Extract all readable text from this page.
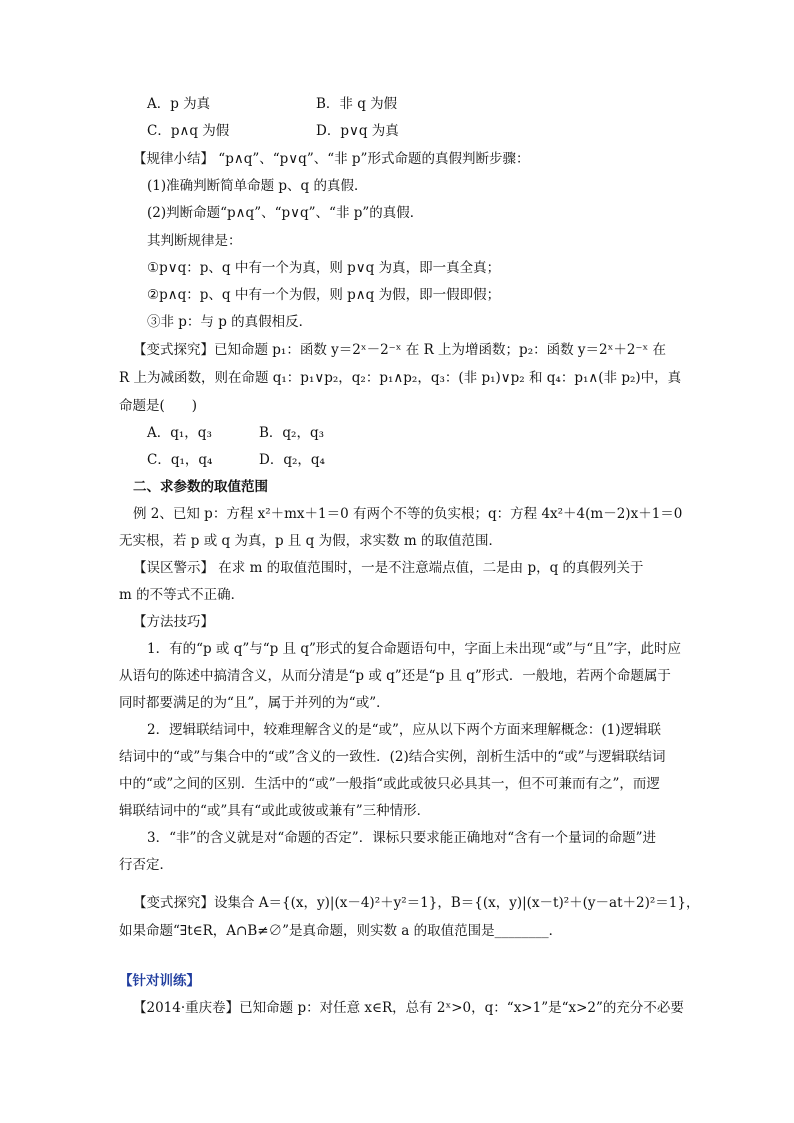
A．p 为真	B．非 q 为假
C．p∧q 为假	D．p∨q 为真
【规律小结】 “p∧q”、“p∨q”、“非 p”形式命题的真假判断步骤：
(1)准确判断简单命题 p、q 的真假．
(2)判断命题“p∧q”、“p∨q”、“非 p”的真假．
其判断规律是：
①p∨q：p、q 中有一个为真，则 p∨q 为真，即一真全真；
②p∧q：p、q 中有一个为假，则 p∧q 为假，即一假即假；
③非 p：与 p 的真假相反．
【变式探究】已知命题 p₁：函数 y＝2ˣ－2⁻ˣ 在 R 上为增函数；p₂：函数 y＝2ˣ＋2⁻ˣ 在
R 上为减函数，则在命题 q₁：p₁∨p₂，q₂：p₁∧p₂，q₃：(非 p₁)∨p₂ 和 q₄：p₁∧(非 p₂)中，真
命题是(　　)
A．q₁，q₃	B．q₂，q₃
C．q₁，q₄	D．q₂，q₄
二、求参数的取值范围
例 2、已知 p：方程 x²＋mx＋1＝0 有两个不等的负实根；q：方程 4x²＋4(m－2)x＋1＝0
无实根，若 p 或 q 为真，p 且 q 为假，求实数 m 的取值范围．
【误区警示】 在求 m 的取值范围时，一是不注意端点值，二是由 p，q 的真假列关于
m 的不等式不正确．
【方法技巧】
1．有的“p 或 q”与“p 且 q”形式的复合命题语句中，字面上未出现“或”与“且”字，此时应
从语句的陈述中搞清含义，从而分清是“p 或 q”还是“p 且 q”形式．一般地，若两个命题属于
同时都要满足的为“且”，属于并列的为“或”．
2．逻辑联结词中，较难理解含义的是“或”，应从以下两个方面来理解概念：(1)逻辑联
结词中的“或”与集合中的“或”含义的一致性．(2)结合实例，剖析生活中的“或”与逻辑联结词
中的“或”之间的区别．生活中的“或”一般指“或此或彼只必具其一，但不可兼而有之”，而逻
辑联结词中的“或”具有“或此或彼或兼有”三种情形．
3．“非”的含义就是对“命题的否定”．课标只要求能正确地对“含有一个量词的命题”进
行否定．
【变式探究】设集合 A＝{(x，y)|(x－4)²＋y²＝1}，B＝{(x，y)|(x－t)²＋(y－at＋2)²＝1}，
如果命题“∃t∈R，A∩B≠∅”是真命题，则实数 a 的取值范围是________．
【针对训练】
【2014·重庆卷】已知命题 p：对任意 x∈R，总有 2ˣ>0，q：“x>1”是“x>2”的充分不必要
